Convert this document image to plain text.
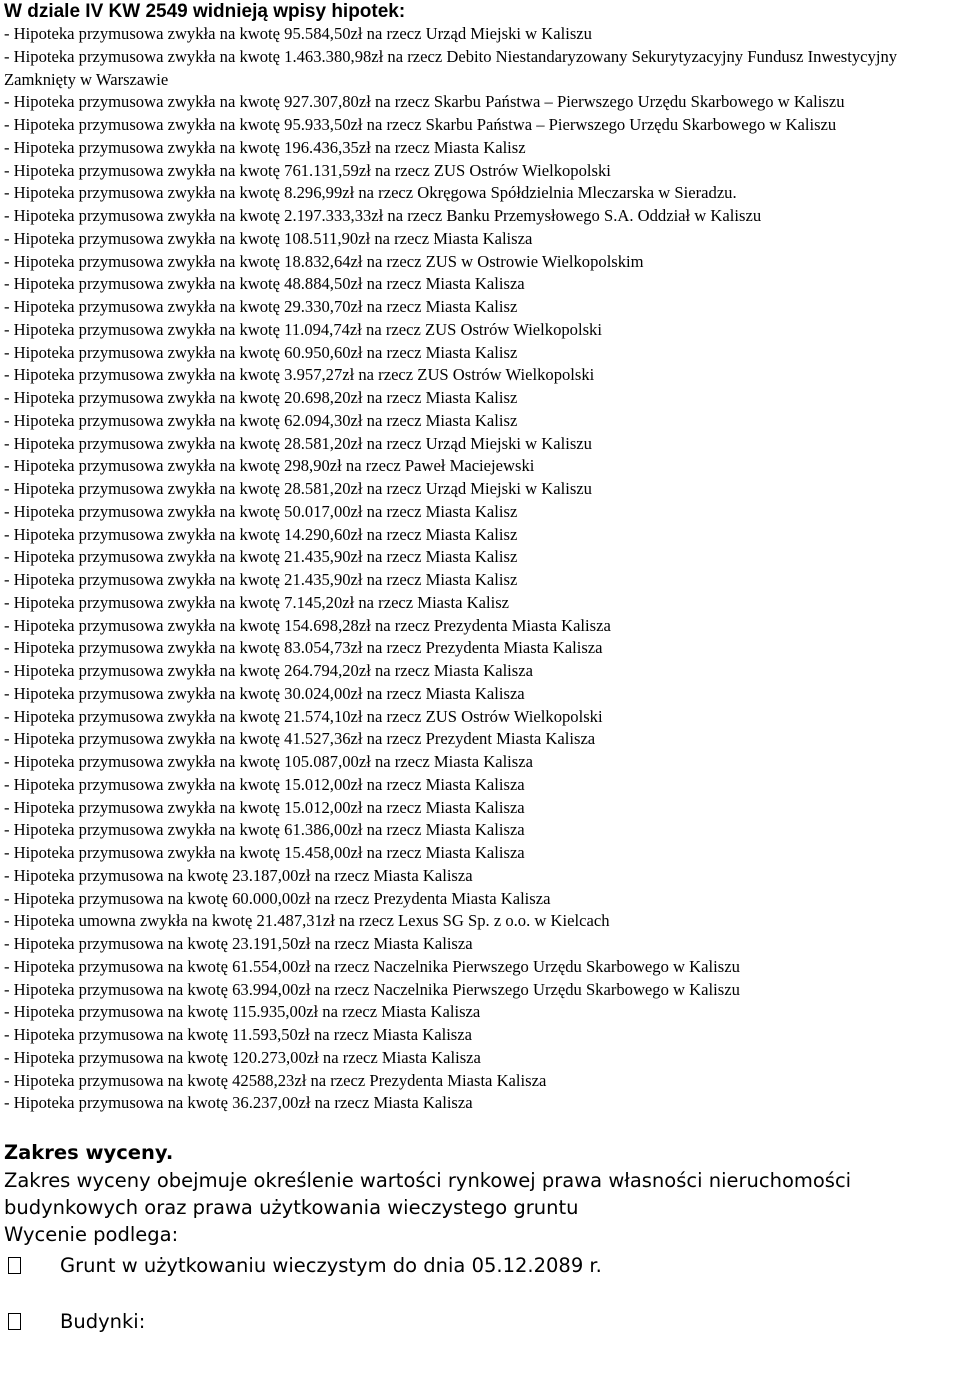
W dziale IV KW 2549 widnieją wpisy hipotek:
- Hipoteka przymusowa zwykła na kwotę 95.584,50zł na rzecz Urząd Miejski w Kaliszu
- Hipoteka przymusowa zwykła na kwotę 1.463.380,98zł na rzecz Debito Niestandaryzowany Sekurytyzacyjny Fundusz Inwestycyjny Zamknięty w Warszawie
- Hipoteka przymusowa zwykła na kwotę 927.307,80zł na rzecz Skarbu Państwa – Pierwszego Urzędu Skarbowego w Kaliszu
- Hipoteka przymusowa zwykła na kwotę 95.933,50zł na rzecz Skarbu Państwa – Pierwszego Urzędu Skarbowego w Kaliszu
- Hipoteka przymusowa zwykła na kwotę 196.436,35zł na rzecz Miasta Kalisz
- Hipoteka przymusowa zwykła na kwotę 761.131,59zł na rzecz ZUS Ostrów Wielkopolski
- Hipoteka przymusowa zwykła na kwotę 8.296,99zł na rzecz Okręgowa Spółdzielnia Mleczarska w Sieradzu.
- Hipoteka przymusowa zwykła na kwotę 2.197.333,33zł na rzecz Banku Przemysłowego S.A. Oddział w Kaliszu
- Hipoteka przymusowa zwykła na kwotę 108.511,90zł na rzecz Miasta Kalisza
- Hipoteka przymusowa zwykła na kwotę 18.832,64zł na rzecz ZUS w Ostrowie Wielkopolskim
- Hipoteka przymusowa zwykła na kwotę 48.884,50zł na rzecz Miasta Kalisza
- Hipoteka przymusowa zwykła na kwotę 29.330,70zł na rzecz Miasta Kalisz
- Hipoteka przymusowa zwykła na kwotę 11.094,74zł na rzecz ZUS Ostrów Wielkopolski
- Hipoteka przymusowa zwykła na kwotę 60.950,60zł na rzecz Miasta Kalisz
- Hipoteka przymusowa zwykła na kwotę 3.957,27zł na rzecz ZUS Ostrów Wielkopolski
- Hipoteka przymusowa zwykła na kwotę 20.698,20zł na rzecz Miasta Kalisz
- Hipoteka przymusowa zwykła na kwotę 62.094,30zł na rzecz Miasta Kalisz
- Hipoteka przymusowa zwykła na kwotę 28.581,20zł na rzecz Urząd Miejski w Kaliszu
- Hipoteka przymusowa zwykła na kwotę 298,90zł na rzecz Paweł Maciejewski
- Hipoteka przymusowa zwykła na kwotę 28.581,20zł na rzecz Urząd Miejski w Kaliszu
- Hipoteka przymusowa zwykła na kwotę 50.017,00zł na rzecz Miasta Kalisz
- Hipoteka przymusowa zwykła na kwotę 14.290,60zł na rzecz Miasta Kalisz
- Hipoteka przymusowa zwykła na kwotę 21.435,90zł na rzecz Miasta Kalisz
- Hipoteka przymusowa zwykła na kwotę 21.435,90zł na rzecz Miasta Kalisz
- Hipoteka przymusowa zwykła na kwotę 7.145,20zł na rzecz Miasta Kalisz
- Hipoteka przymusowa zwykła na kwotę 154.698,28zł na rzecz Prezydenta Miasta Kalisza
- Hipoteka przymusowa zwykła na kwotę 83.054,73zł na rzecz Prezydenta Miasta Kalisza
- Hipoteka przymusowa zwykła na kwotę 264.794,20zł na rzecz Miasta Kalisza
- Hipoteka przymusowa zwykła na kwotę 30.024,00zł na rzecz Miasta Kalisza
- Hipoteka przymusowa zwykła na kwotę 21.574,10zł na rzecz ZUS Ostrów Wielkopolski
- Hipoteka przymusowa zwykła na kwotę 41.527,36zł na rzecz Prezydent Miasta Kalisza
- Hipoteka przymusowa zwykła na kwotę 105.087,00zł na rzecz Miasta Kalisza
- Hipoteka przymusowa zwykła na kwotę 15.012,00zł na rzecz Miasta Kalisza
- Hipoteka przymusowa zwykła na kwotę 15.012,00zł na rzecz Miasta Kalisza
- Hipoteka przymusowa zwykła na kwotę 61.386,00zł na rzecz Miasta Kalisza
- Hipoteka przymusowa zwykła na kwotę 15.458,00zł na rzecz Miasta Kalisza
- Hipoteka przymusowa na kwotę 23.187,00zł na rzecz Miasta Kalisza
- Hipoteka przymusowa na kwotę 60.000,00zł na rzecz Prezydenta Miasta Kalisza
- Hipoteka umowna zwykła na kwotę 21.487,31zł na rzecz Lexus SG Sp. z o.o. w Kielcach
- Hipoteka przymusowa na kwotę 23.191,50zł na rzecz Miasta Kalisza
- Hipoteka przymusowa na kwotę 61.554,00zł na rzecz Naczelnika Pierwszego Urzędu Skarbowego w Kaliszu
- Hipoteka przymusowa na kwotę 63.994,00zł na rzecz Naczelnika Pierwszego Urzędu Skarbowego w Kaliszu
- Hipoteka przymusowa na kwotę 115.935,00zł na rzecz Miasta Kalisza
- Hipoteka przymusowa na kwotę 11.593,50zł na rzecz Miasta Kalisza
- Hipoteka przymusowa na kwotę 120.273,00zł na rzecz Miasta Kalisza
- Hipoteka przymusowa na kwotę 42588,23zł na rzecz Prezydenta Miasta Kalisza
- Hipoteka przymusowa na kwotę 36.237,00zł na rzecz Miasta Kalisza
Zakres wyceny.
Zakres wyceny obejmuje określenie wartości rynkowej prawa własności nieruchomości budynkowych oraz prawa użytkowania wieczystego gruntu
Wycenie podlega:
Grunt w użytkowaniu wieczystym do dnia 05.12.2089 r.
Budynki:
